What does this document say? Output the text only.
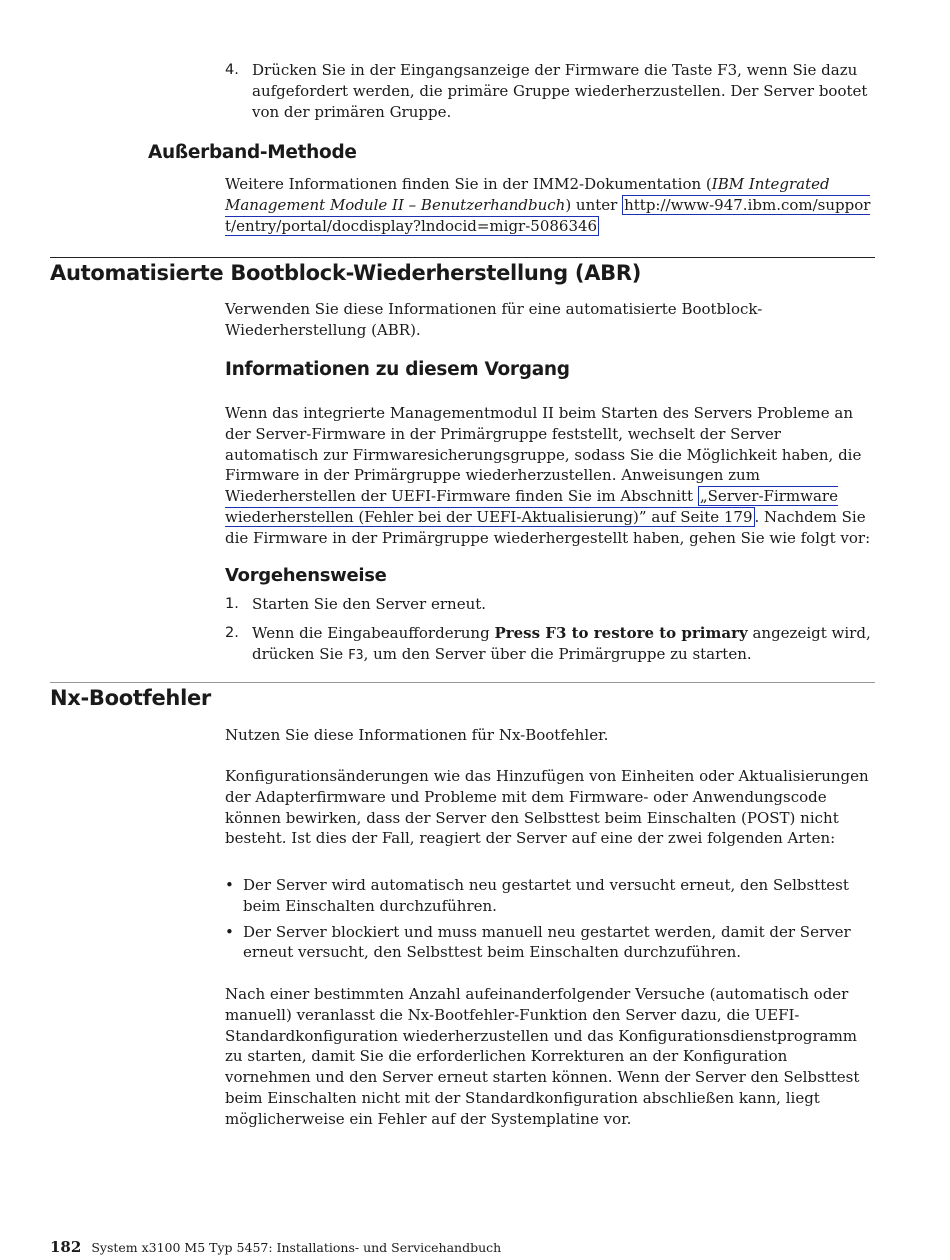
4. Drücken Sie in der Eingangsanzeige der Firmware die Taste F3, wenn Sie dazu aufgefordert werden, die primäre Gruppe wiederherzustellen. Der Server bootet von der primären Gruppe.
Außerband-Methode

Weitere Informationen finden Sie in der IMM2-Dokumentation (IBM Integrated Management Module II – Benutzerhandbuch) unter http://www-947.ibm.com/support/entry/portal/docdisplay?lndocid=migr-5086346

Automatisierte Bootblock-Wiederherstellung (ABR)

Verwenden Sie diese Informationen für eine automatisierte Bootblock-Wiederherstellung (ABR).

Informationen zu diesem Vorgang

Wenn das integrierte Managementmodul II beim Starten des Servers Probleme an der Server-Firmware in der Primärgruppe feststellt, wechselt der Server automatisch zur Firmwaresicherungsgruppe, sodass Sie die Möglichkeit haben, die Firmware in der Primärgruppe wiederherzustellen. Anweisungen zum Wiederherstellen der UEFI-Firmware finden Sie im Abschnitt „Server-Firmware wiederherstellen (Fehler bei der UEFI-Aktualisierung)” auf Seite 179 . Nachdem Sie die Firmware in der Primärgruppe wiederhergestellt haben, gehen Sie wie folgt vor:

Vorgehensweise
1. Starten Sie den Server erneut.
2. Wenn die Eingabeaufforderung Press F3 to restore to primary angezeigt wird, drücken Sie F3, um den Server über die Primärgruppe zu starten.
Nx-Bootfehler

Nutzen Sie diese Informationen für Nx-Bootfehler.

Konfigurationsänderungen wie das Hinzufügen von Einheiten oder Aktualisierungen der Adapterfirmware und Probleme mit dem Firmware- oder Anwendungscode können bewirken, dass der Server den Selbsttest beim Einschalten (POST) nicht besteht. Ist dies der Fall, reagiert der Server auf eine der zwei folgenden Arten:

• Der Server wird automatisch neu gestartet und versucht erneut, den Selbsttest beim Einschalten durchzuführen.
• Der Server blockiert und muss manuell neu gestartet werden, damit der Server erneut versucht, den Selbsttest beim Einschalten durchzuführen.

Nach einer bestimmten Anzahl aufeinanderfolgender Versuche (automatisch oder manuell) veranlasst die Nx-Bootfehler-Funktion den Server dazu, die UEFI-Standardkonfiguration wiederherzustellen und das Konfigurationsdienstprogramm zu starten, damit Sie die erforderlichen Korrekturen an der Konfiguration vornehmen und den Server erneut starten können. Wenn der Server den Selbsttest beim Einschalten nicht mit der Standardkonfiguration abschließen kann, liegt möglicherweise ein Fehler auf der Systemplatine vor.

182 System x3100 M5 Typ 5457: Installations- und Servicehandbuch
